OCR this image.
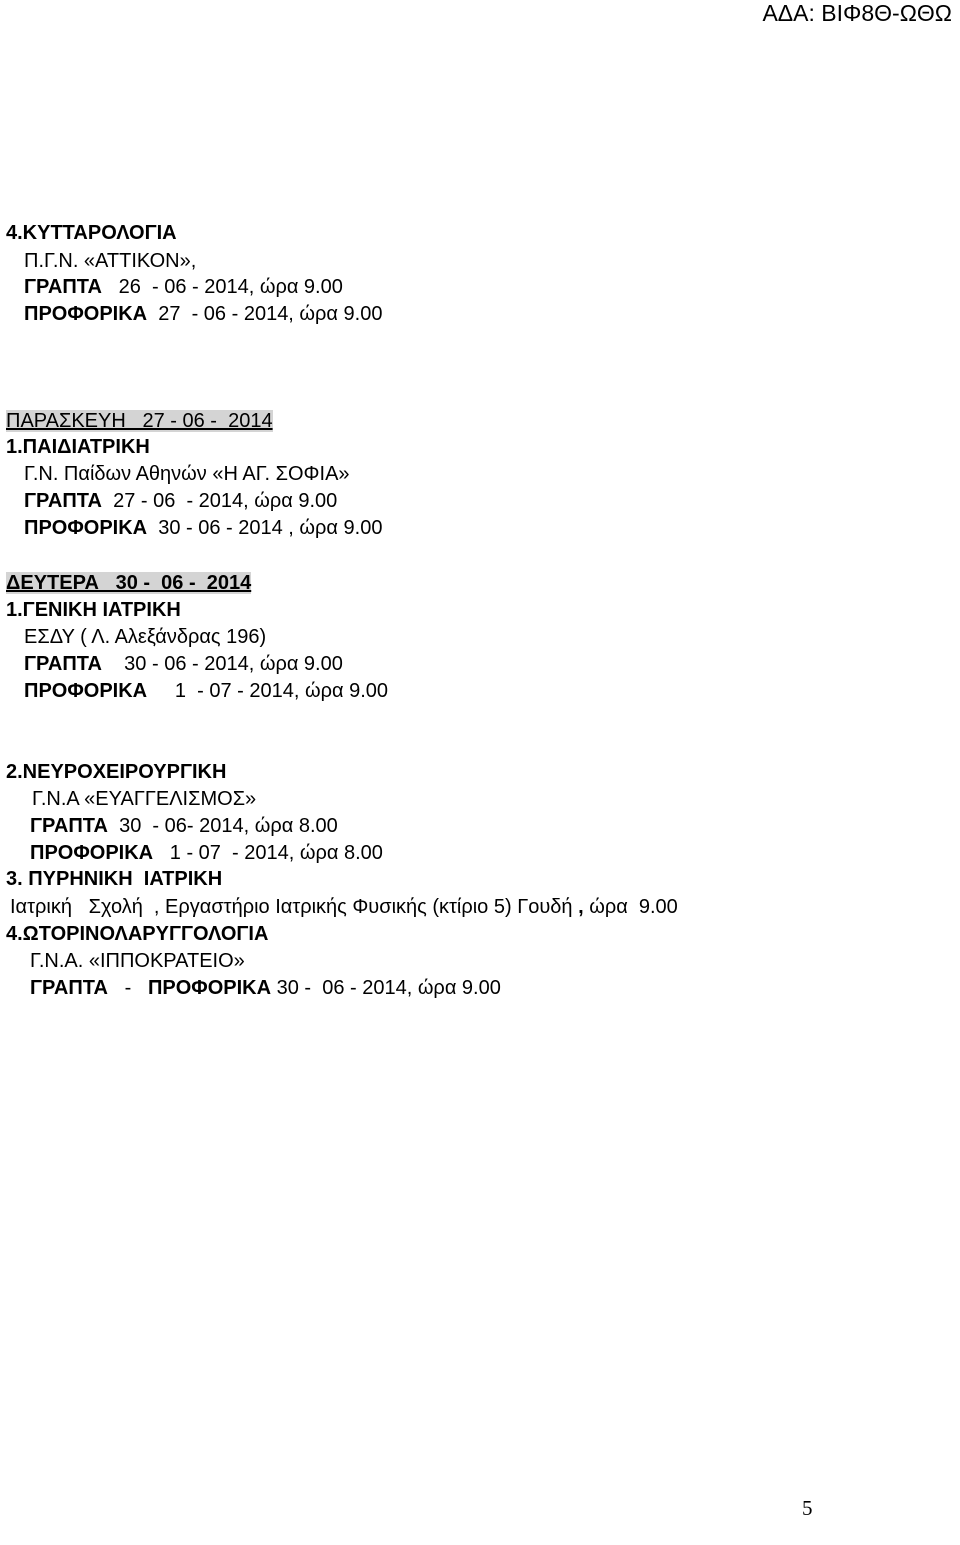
ΑΔΑ: ΒΙΦ8Θ-ΩΘΩ
4.ΚΥΤΤΑΡΟΛΟΓΙΑ
Π.Γ.Ν. «ΑΤΤΙΚΟΝ»,
ΓΡΑΠΤΑ   26  - 06 - 2014, ώρα 9.00
ΠΡΟΦΟΡΙΚΑ  27  - 06 - 2014, ώρα 9.00
ΠΑΡΑΣΚΕΥΗ   27 - 06 -  2014
1.ΠΑΙΔΙΑΤΡΙΚΗ
Γ.Ν. Παίδων Αθηνών «Η ΑΓ. ΣΟΦΙΑ»
ΓΡΑΠΤΑ  27 - 06  - 2014, ώρα 9.00
ΠΡΟΦΟΡΙΚΑ  30 - 06 - 2014 , ώρα 9.00
ΔΕΥΤΕΡΑ   30 -  06 -  2014
1.ΓΕΝΙΚΗ ΙΑΤΡΙΚΗ
ΕΣΔΥ ( Λ. Αλεξάνδρας 196)
ΓΡΑΠΤΑ    30 - 06 - 2014, ώρα 9.00
ΠΡΟΦΟΡΙΚΑ     1  - 07 - 2014, ώρα 9.00
2.ΝΕΥΡΟΧΕΙΡΟΥΡΓΙΚΗ
Γ.Ν.Α «ΕΥΑΓΓΕΛΙΣΜΟΣ»
ΓΡΑΠΤΑ  30  - 06- 2014, ώρα 8.00
ΠΡΟΦΟΡΙΚΑ   1 - 07  - 2014, ώρα 8.00
3. ΠΥΡΗΝΙΚΗ  ΙΑΤΡΙΚΗ
Ιατρική   Σχολή  , Εργαστήριο Ιατρικής Φυσικής (κτίριο 5) Γουδή , ώρα  9.00
4.ΩΤΟΡΙΝΟΛΑΡΥΓΓΟΛΟΓΙΑ
Γ.Ν.Α. «ΙΠΠΟΚΡΑΤΕΙΟ»
ΓΡΑΠΤΑ   -   ΠΡΟΦΟΡΙΚΑ 30 -  06 - 2014, ώρα 9.00
5
